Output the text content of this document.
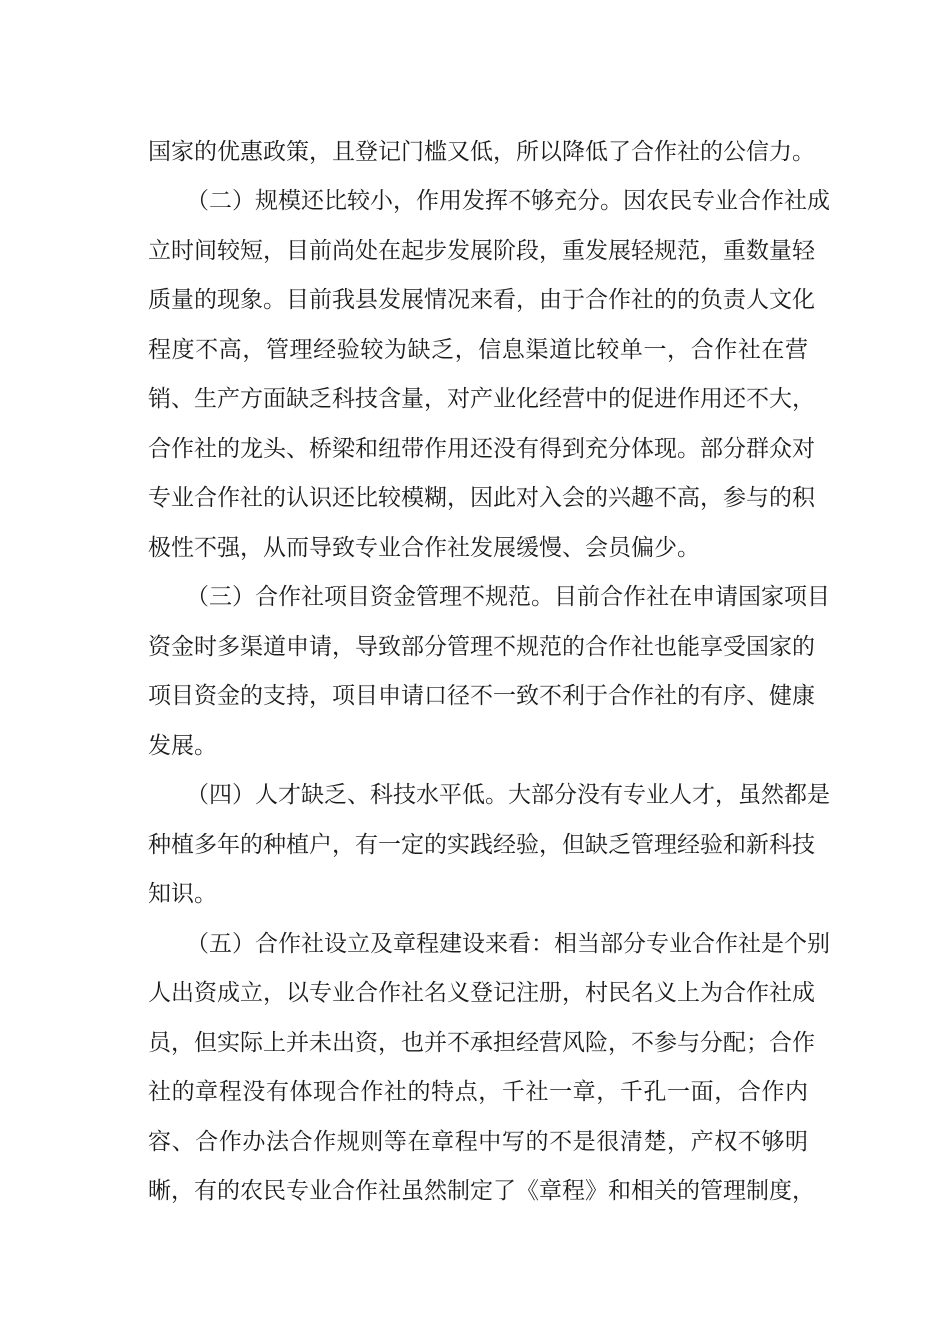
国家的优惠政策，且登记门槛又低，所以降低了合作社的公信力。
（二）规模还比较小，作用发挥不够充分。因农民专业合作社成
立时间较短，目前尚处在起步发展阶段，重发展轻规范，重数量轻
质量的现象。目前我县发展情况来看，由于合作社的的负责人文化
程度不高，管理经验较为缺乏，信息渠道比较单一，合作社在营
销、生产方面缺乏科技含量，对产业化经营中的促进作用还不大，
合作社的龙头、桥梁和纽带作用还没有得到充分体现。部分群众对
专业合作社的认识还比较模糊，因此对入会的兴趣不高，参与的积
极性不强，从而导致专业合作社发展缓慢、会员偏少。
（三）合作社项目资金管理不规范。目前合作社在申请国家项目
资金时多渠道申请，导致部分管理不规范的合作社也能享受国家的
项目资金的支持，项目申请口径不一致不利于合作社的有序、健康
发展。
（四）人才缺乏、科技水平低。大部分没有专业人才，虽然都是
种植多年的种植户，有一定的实践经验，但缺乏管理经验和新科技
知识。
（五）合作社设立及章程建设来看：相当部分专业合作社是个别
人出资成立，以专业合作社名义登记注册，村民名义上为合作社成
员，但实际上并未出资，也并不承担经营风险，不参与分配；合作
社的章程没有体现合作社的特点，千社一章，千孔一面，合作内
容、合作办法合作规则等在章程中写的不是很清楚，产权不够明
晰，有的农民专业合作社虽然制定了《章程》和相关的管理制度，
